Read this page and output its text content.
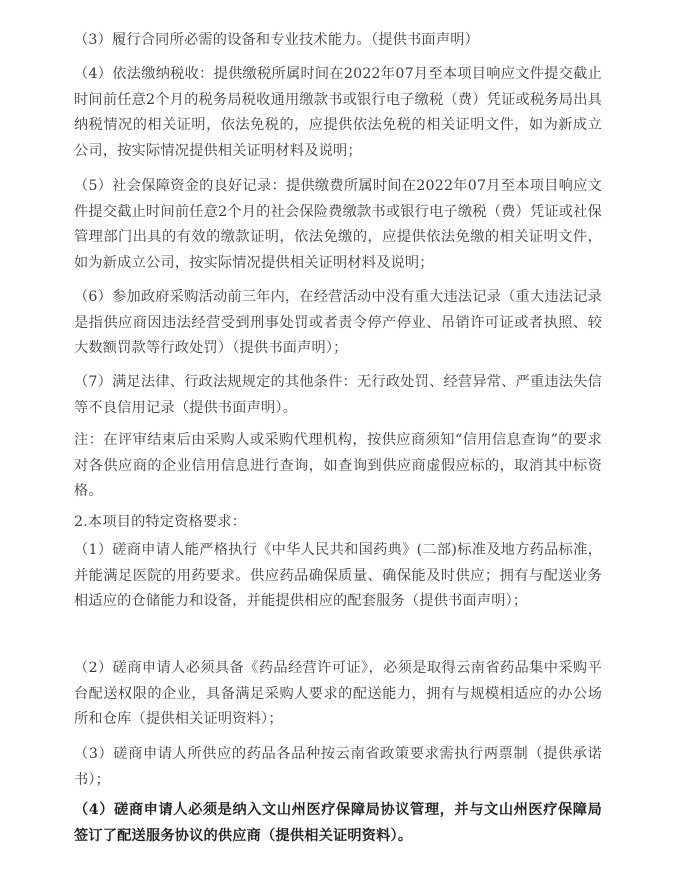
（3）履行合同所必需的设备和专业技术能力。（提供书面声明）
（4）依法缴纳税收：提供缴税所属时间在2022年07月至本项目响应文件提交截止时间前任意2个月的税务局税收通用缴款书或银行电子缴税（费）凭证或税务局出具纳税情况的相关证明，依法免税的，应提供依法免税的相关证明文件，如为新成立公司，按实际情况提供相关证明材料及说明；
（5）社会保障资金的良好记录：提供缴费所属时间在2022年07月至本项目响应文件提交截止时间前任意2个月的社会保险费缴款书或银行电子缴税（费）凭证或社保管理部门出具的有效的缴款证明，依法免缴的，应提供依法免缴的相关证明文件，如为新成立公司，按实际情况提供相关证明材料及说明；
（6）参加政府采购活动前三年内，在经营活动中没有重大违法记录（重大违法记录是指供应商因违法经营受到刑事处罚或者责令停产停业、吊销许可证或者执照、较大数额罚款等行政处罚）（提供书面声明）；
（7）满足法律、行政法规规定的其他条件：无行政处罚、经营异常、严重违法失信等不良信用记录（提供书面声明）。
注：在评审结束后由采购人或采购代理机构，按供应商须知“信用信息查询”的要求对各供应商的企业信用信息进行查询，如查询到供应商虚假应标的，取消其中标资格。
2.本项目的特定资格要求：
（1）磋商申请人能严格执行《中华人民共和国药典》(二部)标准及地方药品标准，并能满足医院的用药要求。供应药品确保质量、确保能及时供应；拥有与配送业务相适应的仓储能力和设备，并能提供相应的配套服务（提供书面声明）；
（2）磋商申请人必须具备《药品经营许可证》，必须是取得云南省药品集中采购平台配送权限的企业，具备满足采购人要求的配送能力，拥有与规模相适应的办公场所和仓库（提供相关证明资料）；
（3）磋商申请人所供应的药品各品种按云南省政策要求需执行两票制（提供承诺书）；
（4）磋商申请人必须是纳入文山州医疗保障局协议管理，并与文山州医疗保障局签订了配送服务协议的供应商（提供相关证明资料）。
